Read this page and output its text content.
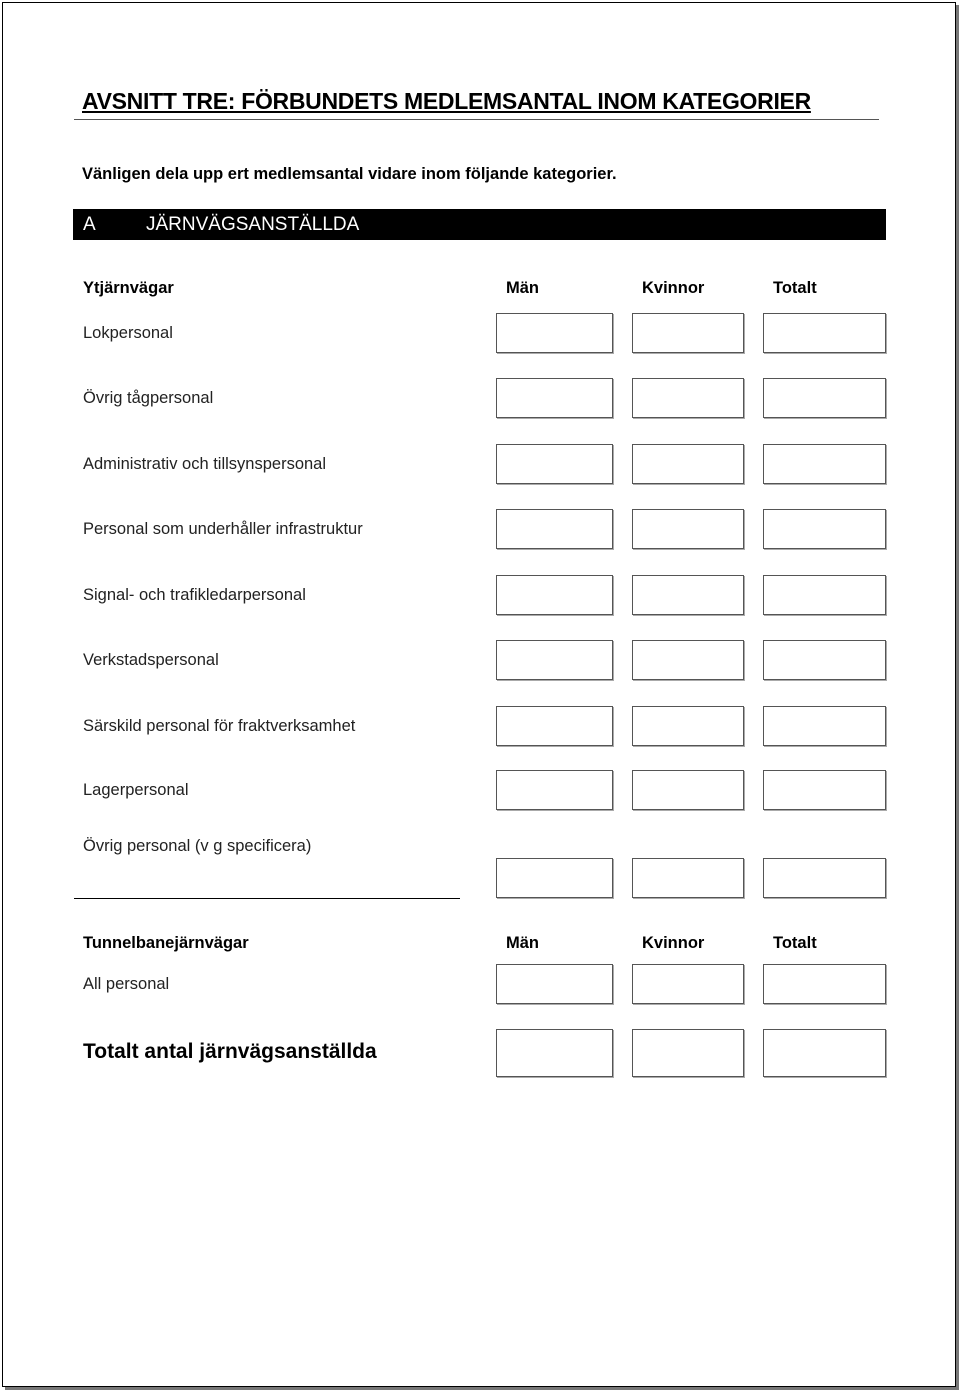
AVSNITT TRE: FÖRBUNDETS MEDLEMSANTAL INOM KATEGORIER
Vänligen dela upp ert medlemsantal vidare inom följande kategorier.
A	JÄRNVÄGSANSTÄLLDA
Ytjärnvägar	Män	Kvinnor	Totalt
Lokpersonal
Övrig tågpersonal
Administrativ och tillsynspersonal
Personal som underhåller infrastruktur
Signal- och trafikledarpersonal
Verkstadspersonal
Särskild personal för fraktverksamhet
Lagerpersonal
Övrig personal (v g specificera)
Tunnelbanejärnvägar	Män	Kvinnor	Totalt
All personal
Totalt antal järnvägsanställda
